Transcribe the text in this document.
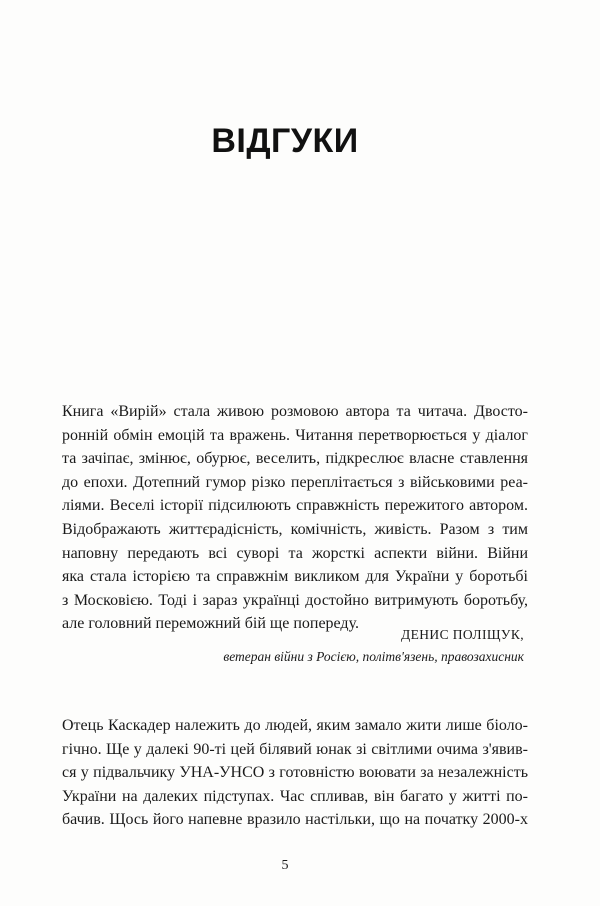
ВІДГУКИ
Книга «Вирій» стала живою розмовою автора та читача. Двосто-
ронній обмін емоцій та вражень. Читання перетворюється у діалог
та зачіпає, змінює, обурює, веселить, підкреслює власне ставлення
до епохи. Дотепний гумор різко переплітається з військовими реа-
ліями. Веселі історії підсилюють справжність пережитого автором.
Відображають життєрадісність, комічність, живість. Разом з тим
наповну передають всі суворі та жорсткі аспекти війни. Війни
яка стала історією та справжнім викликом для України у боротьбі
з Московією. Тоді і зараз українці достойно витримують боротьбу,
але головний переможний бій ще попереду.
ДЕНИС ПОЛІЩУК,
ветеран війни з Росією, політв'язень, правозахисник
Отець Каскадер належить до людей, яким замало жити лише біоло-
гічно. Ще у далекі 90-ті цей білявий юнак зі світлими очима з'явив-
ся у підвальчику УНА-УНСО з готовністю воювати за незалежність
України на далеких підступах. Час спливав, він багато у житті по-
бачив. Щось його напевне вразило настільки, що на початку 2000-х
5
